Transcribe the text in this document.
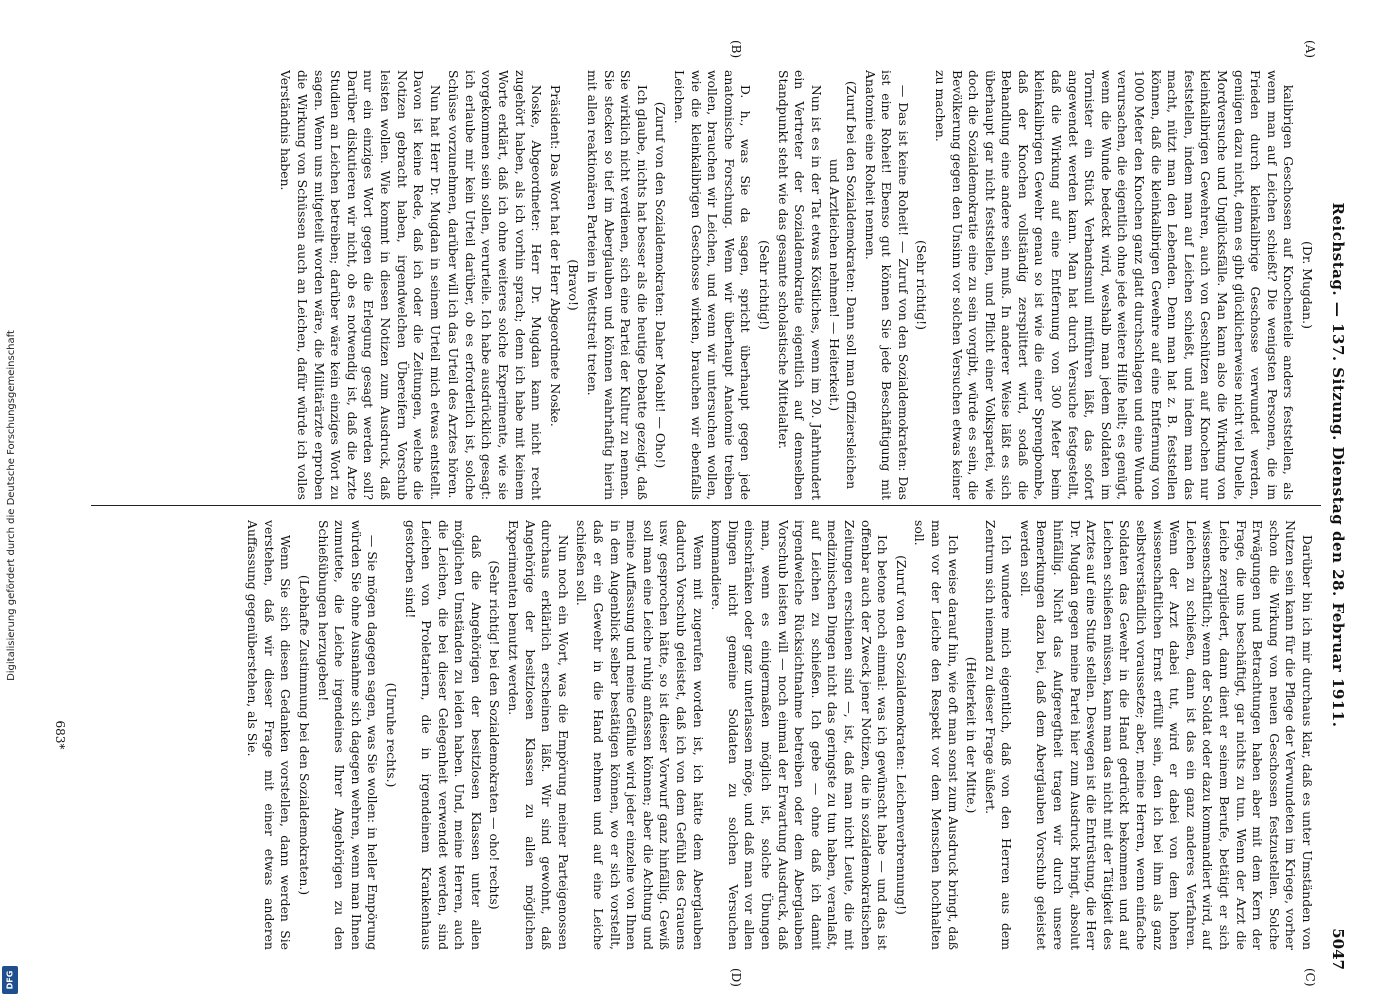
Digitalisierung gefördert durch die Deutsche Forschungsgemeinschaft
DFG
Reichstag. — 137. Sitzung. Dienstag den 28. Februar 1911.
5047
(A)
(B)
(C)
(D)

(Dr. Mugdan.)

kalibrigen Geschossen auf Knochenteile anders feststellen, als wenn man auf Leichen schießt? Die wenigsten Personen, die im Frieden durch kleinkalibrige Geschosse verwundet werden, geniigen dazu nicht, denn es gibt glücklicherweise nicht viel Duelle, Mordversuche und Unglücksfälle. Man kann also die Wirkung von kleinkalibrigen Gewehren, auch von Geschützen auf Knochen nur feststellen, indem man auf Leichen schießt, und indem man das macht, nützt man den Lebenden. Denn man hat z. B. feststellen können, daß die kleinkalibrigen Gewehre auf eine Entfernung von 1000 Meter den Knochen ganz glatt durchschlagen und eine Wunde verursachen, die eigentlich ohne jede weitere Hilfe heilt; es genügt, wenn die Wunde bedeckt wird, weshalb man jedem Soldaten im Tornister ein Stück Verbandsmull mitführen läßt, das sofort angewendet werden kann. Man hat durch Versuche festgestellt, daß die Wirkung auf eine Entfernung von 300 Meter beim kleinkalibrigen Gewehr genau so ist wie die einer Sprengbombe, daß der Knochen vollständig zersplittert wird, sodaß die Behandlung eine andere sein muß. In anderer Weise läßt es sich überhaupt gar nicht feststellen, und Pflicht einer Volkspartei, wie doch die Sozialdemokratie eine zu sein vorgibt, würde es sein, die Bevölkerung gegen den Unsinn vor solchen Versuchen etwas keiner zu machen.

(Sehr richtig!)

— Das ist keine Roheit! — Zuruf von den Sozialdemokraten: Das ist eine Roheit! Ebenso gut können Sie jede Beschäftigung mit Anatomie eine Roheit nennen.

(Zuruf bei den Sozialdemokraten: Dann soll man Offiziersleichen und Arztleichen nehmen! — Heiterkeit.)

Nun ist es in der Tat etwas Köstliches, wenn im 20. Jahrhundert ein Vertreter der Sozialdemokratie eigentlich auf demselben Standpunkt steht wie das gesamte scholastische Mittelalter.

(Sehr richtig!)

D. h., was Sie da sagen, spricht überhaupt gegen jede anatomische Forschung. Wenn wir überhaupt Anatomie treiben wollen, brauchen wir Leichen, und wenn wir untersuchen wollen, wie die kleinkalibrigen Geschosse wirken, brauchen wir ebenfalls Leichen.

(Zuruf von den Sozialdemokraten: Daher Moabit! — Oho!)

Ich glaube, nichts hat besser als die heutige Debatte gezeigt, daß Sie wirklich nicht verdienen, sich eine Partei der Kultur zu nennen. Sie stecken so tief im Aberglauben und können wahrhaftig hierin mit allen reaktionären Parteien in Wettstreit treten.

(Bravo!)

Präsident: Das Wort hat der Herr Abgeordnete Noske.

Noske, Abgeordneter: Herr Dr. Mugdan kann nicht recht zugehört haben, als ich vorhin sprach; denn ich habe mit keinem Worte erklärt, daß ich ohne weiteres solche Experimente, wie sie vorgekommen sein sollen, verurteile. Ich habe ausdrücklich gesagt: ich erlaube mir kein Urteil darüber, ob es erforderlich ist, solche Schüsse vorzunehmen, darüber will ich das Urteil des Arztes hören.

Nun hat Herr Dr. Mugdan in seinem Urteil mich etwas entstellt. Davon ist keine Rede, daß ich oder die Zeitungen, welche die Notizen gebracht haben, irgendwelchen Übereifern Vorschub leisten wollen. Wie kommt in diesen Notizen zum Ausdruck, daß nur ein einziges Wort gegen die Erlegung gesagt werden soll? Darüber diskutieren wir nicht, ob es notwendig ist, daß die Arzte Studien an Leichen betreiben; darüber wäre kein einziges Wort zu sagen. Wenn uns mitgeteilt worden wäre, die Militärärzte erproben die Wirkung von Schüssen auch an Leichen, dafür würde ich volles Verständnis haben.

Darüber bin ich mir durchaus klar, daß es unter Umständen von Nutzen sein kann für die Pflege der Verwundeten im Kriege, vorher schon die Wirkung von neuen Geschossen festzustellen. Solche Erwägungen und Betrachtungen haben aber mit dem Kern der Frage, die uns beschäftigt, gar nichts zu tun. Wenn der Arzt die Leiche zergliedert, dann dient er seinem Berufe, betätigt er sich wissenschaftlich; wenn der Soldat oder dazu kommandiert wird, auf Leichen zu schießen, dann ist das ein ganz anderes Verfahren. Wenn der Arzt dabei tut, wird er dabei von dem hohen wissenschaftlichen Ernst erfüllt sein, den ich bei ihm als ganz selbstverständlich voraussetze; aber, meine Herren, wenn einfache Soldaten das Gewehr in die Hand gedrückt bekommen und auf Leichen schießen müssen, kann man das nicht mit der Tätigkeit des Arztes auf eine Stufe stellen. Deswegen ist die Entrüstung, die Herr Dr. Mugdan gegen meine Partei hier zum Ausdruck bringt, absolut hinfällig. Nicht das Aufgeregtheit tragen wir durch unsere Bemerkungen dazu bei, daß dem Aberglauben Vorschub geleistet werden soll.

Ich wundere mich eigentlich, daß von den Herren aus dem Zentrum sich niemand zu dieser Frage äußert.

(Heiterkeit in der Mitte.)

Ich weise darauf hin, wie oft man sonst zum Ausdruck bringt, daß man vor der Leiche den Respekt vor dem Menschen hochhalten soll.

(Zuruf von den Sozialdemokraten: Leichenverbrennung!)

Ich betone noch einmal: was ich gewünscht habe — und das ist offenbar auch der Zweck jener Notizen, die in sozialdemokratischen Zeitungen erschienen sind —, ist, daß man nicht Leute, die mit medizinischen Dingen nicht das geringste zu tun haben, veranlaßt, auf Leichen zu schießen. Ich gebe — ohne daß ich damit irgendwelche Rücksichtnahme betreiben oder dem Aberglauben Vorschub leisten will — noch einmal der Erwartung Ausdruck, daß man, wenn es einigermaßen möglich ist, solche Übungen einschränken oder ganz unterlassen möge, und daß man vor allen Dingen nicht gemeine Soldaten zu solchen Versuchen kommandiere.

Wenn mit zugerufen worden ist, ich hätte dem Aberglauben dadurch Vorschub geleistet, daß ich von dem Gefühl des Grauens usw. gesprochen hätte, so ist dieser Vorwurf ganz hinfällig. Gewiß soll man eine Leiche ruhig anfassen können; aber die Achtung und meine Auffassung und meine Gefühle wird jeder einzelne von Ihnen in dem Augenblick selber bestätigen können, wo er sich vorstellt, daß er ein Gewehr in die Hand nehmen und auf eine Leiche schießen soll.

Nun noch ein Wort, was die Empörung meiner Parteigenossen durchaus erklärlich erscheinen läßt. Wir sind gewohnt, daß Angehörige der besitzlosen Klassen zu allen möglichen Experimenten benutzt werden.

(Sehr richtig! bei den Sozialdemokraten — oho! rechts)

daß die Angehörigen der besitzlosen Klassen unter allen möglichen Umständen zu leiden haben. Und, meine Herren, auch die Leichen, die bei dieser Gelegenheit verwendet werden, sind Leichen von Proletariern, die in irgendeinem Krankenhaus gestorben sind!

(Unruhe rechts.)

— Sie mögen dagegen sagen, was Sie wollen: in heller Empörung würden Sie ohne Ausnahme sich dagegen wehren, wenn man Ihnen zumutete, die Leiche irgendeines Ihrer Angehörigen zu den Schießübungen herzugeben!

(Lebhafte Zustimmung bei den Sozialdemokraten.)

Wenn Sie sich diesen Gedanken vorstellen, dann werden Sie verstehen, daß wir dieser Frage mit einer etwas anderen Auffassung gegenüberstehen, als Sie.

683*
